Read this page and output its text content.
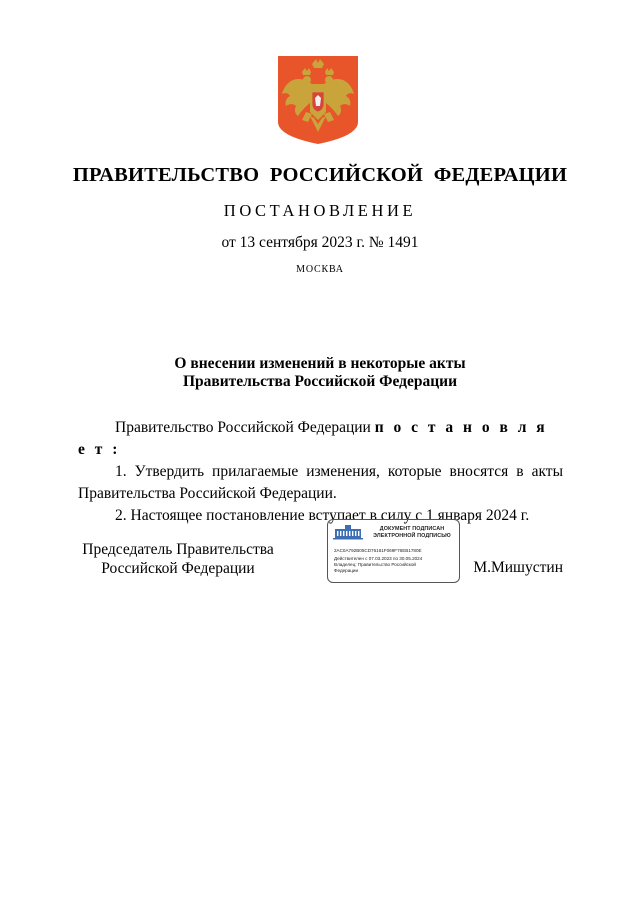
ПРАВИТЕЛЬСТВО  РОССИЙСКОЙ  ФЕДЕРАЦИИ
ПОСТАНОВЛЕНИЕ
от 13 сентября 2023 г. № 1491
МОСКВА
О внесении изменений в некоторые акты
Правительства Российской Федерации

Правительство Российской Федерации п о с т а н о в л я е т :

1. Утвердить прилагаемые изменения, которые вносятся в акты Правительства Российской Федерации.

2. Настоящее постановление вступает в силу с 1 января 2024 г.

Председатель Правительства
Российской Федерации
ДОКУМЕНТ ПОДПИСАН
ЭЛЕКТРОННОЙ ПОДПИСЬЮ
2AC0A792B05CD76161F069F76EB1780E
Действителен с 07.03.2023 по 30.05.2024
Владелец: Правительство Российской
Федерации	М.Мишустин
